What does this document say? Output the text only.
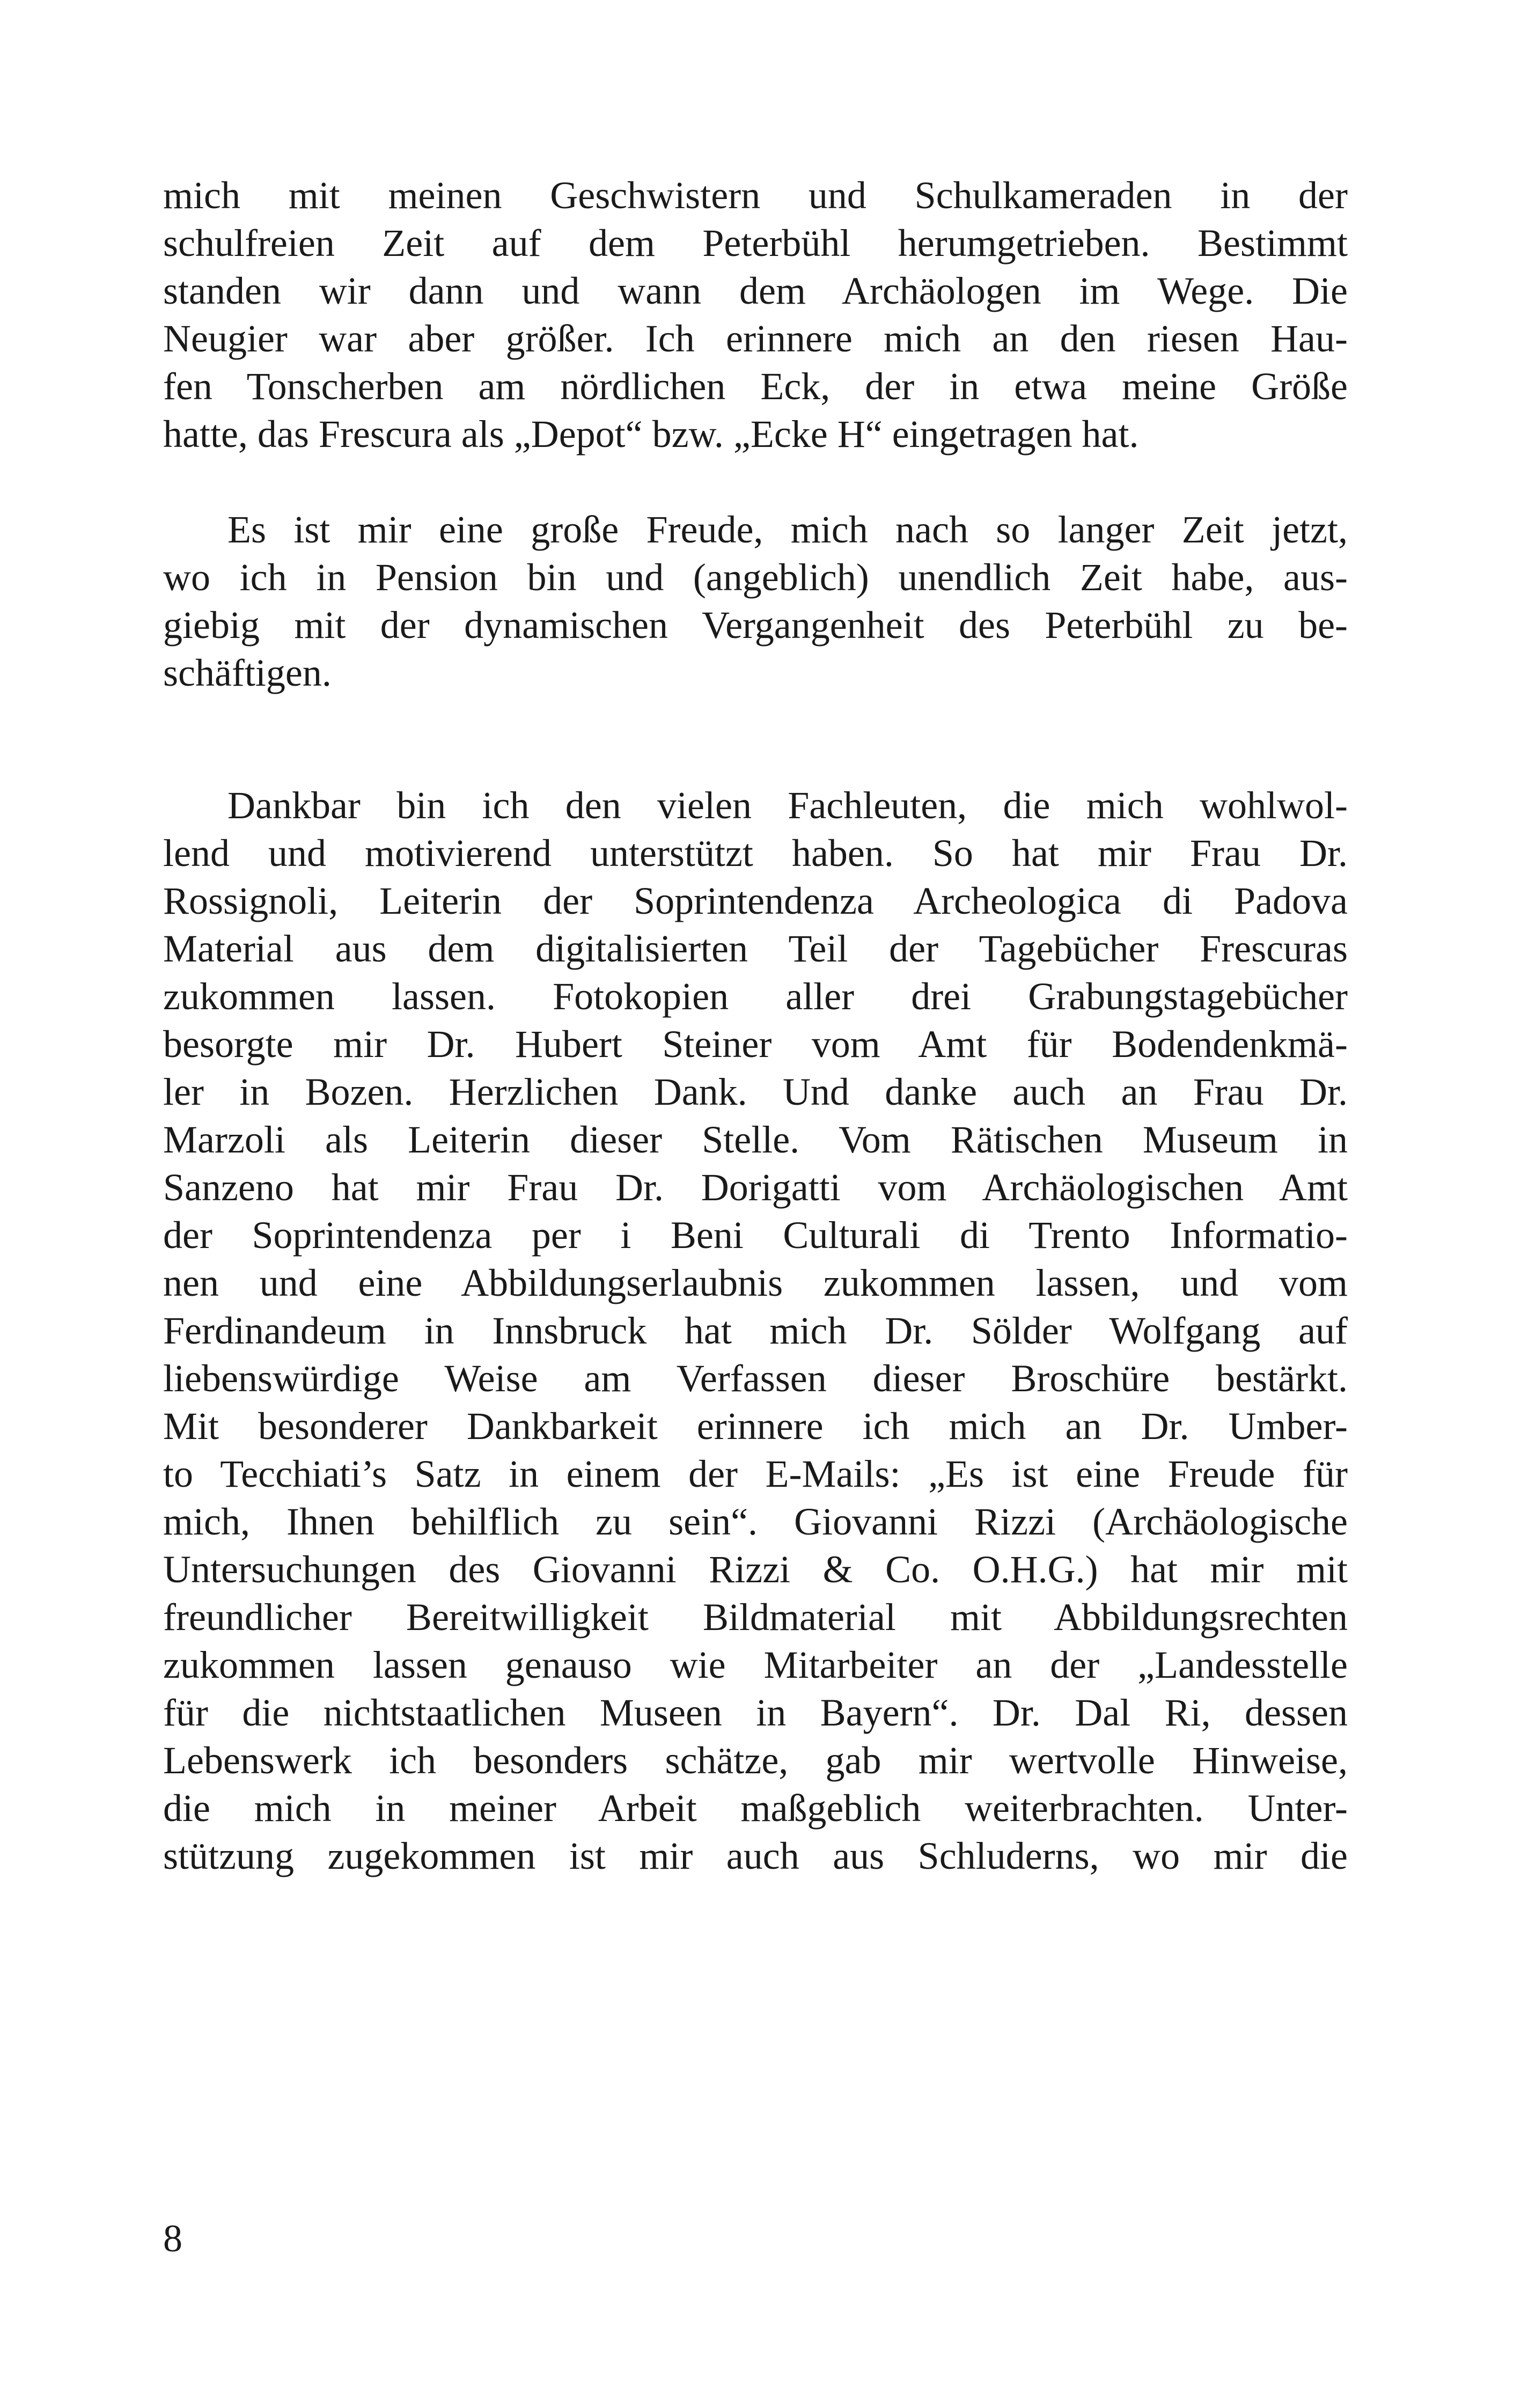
mich mit meinen Geschwistern und Schulkameraden in der
schulfreien Zeit auf dem Peterbühl herumgetrieben. Bestimmt
standen wir dann und wann dem Archäologen im Wege. Die
Neugier war aber größer. Ich erinnere mich an den riesen Hau-
fen Tonscherben am nördlichen Eck, der in etwa meine Größe
hatte, das Frescura als „Depot“ bzw. „Ecke H“ eingetragen hat.
Es ist mir eine große Freude, mich nach so langer Zeit jetzt,
wo ich in Pension bin und (angeblich) unendlich Zeit habe, aus-
giebig mit der dynamischen Vergangenheit des Peterbühl zu be-
schäftigen.
Dankbar bin ich den vielen Fachleuten, die mich wohlwol-
lend und motivierend unterstützt haben. So hat mir Frau Dr.
Rossignoli, Leiterin der Soprintendenza Archeologica di Padova
Material aus dem digitalisierten Teil der Tagebücher Frescuras
zukommen lassen. Fotokopien aller drei Grabungstagebücher
besorgte mir Dr. Hubert Steiner vom Amt für Bodendenkmä-
ler in Bozen. Herzlichen Dank. Und danke auch an Frau Dr.
Marzoli als Leiterin dieser Stelle. Vom Rätischen Museum in
Sanzeno hat mir Frau Dr. Dorigatti vom Archäologischen Amt
der Soprintendenza per i Beni Culturali di Trento Informatio-
nen und eine Abbildungserlaubnis zukommen lassen, und vom
Ferdinandeum in Innsbruck hat mich Dr. Sölder Wolfgang auf
liebenswürdige Weise am Verfassen dieser Broschüre bestärkt.
Mit besonderer Dankbarkeit erinnere ich mich an Dr. Umber-
to Tecchiati’s Satz in einem der E-Mails: „Es ist eine Freude für
mich, Ihnen behilflich zu sein“. Giovanni Rizzi (Archäologische
Untersuchungen des Giovanni Rizzi & Co. O.H.G.) hat mir mit
freundlicher Bereitwilligkeit Bildmaterial mit Abbildungsrechten
zukommen lassen genauso wie Mitarbeiter an der „Landesstelle
für die nichtstaatlichen Museen in Bayern“. Dr. Dal Ri, dessen
Lebenswerk ich besonders schätze, gab mir wertvolle Hinweise,
die mich in meiner Arbeit maßgeblich weiterbrachten. Unter-
stützung zugekommen ist mir auch aus Schluderns, wo mir die
8
